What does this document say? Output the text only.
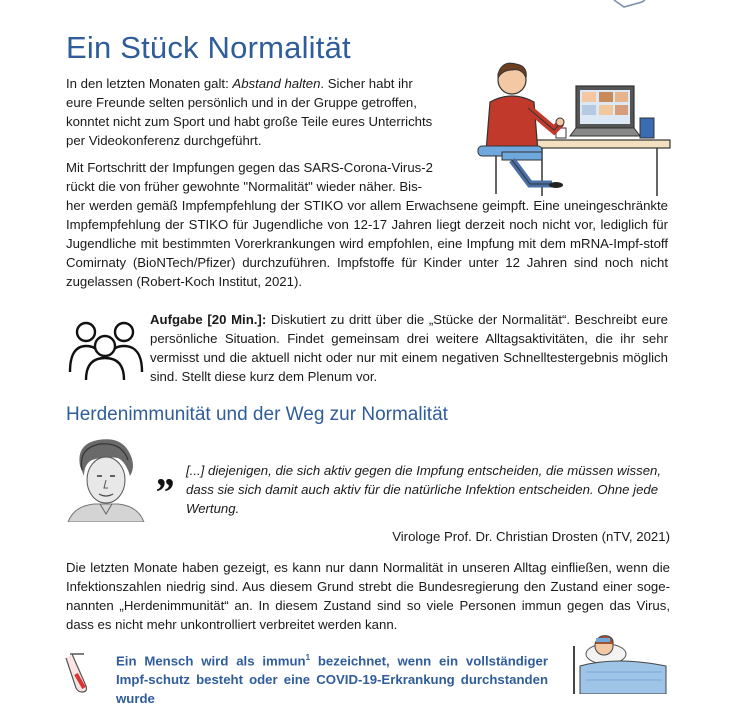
Ein Stück Normalität
In den letzten Monaten galt: Abstand halten. Sicher habt ihr eure Freunde selten persönlich und in der Gruppe getroffen, konntet nicht zum Sport und habt große Teile eures Unterrichts per Videokonferenz durchgeführt.
Mit Fortschritt der Impfungen gegen das SARS-Corona-Virus-2
rückt die von früher gewohnte "Normalität" wieder näher. Bis-
her werden gemäß Impfempfehlung der STIKO vor allem Erwachsene geimpft. Eine uneingeschränkte Impfempfehlung der STIKO für Jugendliche von 12-17 Jahren liegt derzeit noch nicht vor, lediglich für Jugendliche mit bestimmten Vorerkrankungen wird empfohlen, eine Impfung mit dem mRNA-Impf-stoff Comirnaty (BioNTech/Pfizer) durchzuführen. Impfstoffe für Kinder unter 12 Jahren sind noch nicht zugelassen (Robert-Koch Institut, 2021).
Aufgabe [20 Min.]: Diskutiert zu dritt über die „Stücke der Normalität“. Beschreibt eure persönliche Situation. Findet gemeinsam drei weitere Alltagsaktivitäten, die ihr sehr vermisst und die aktuell nicht oder nur mit einem negativen Schnelltestergebnis möglich sind. Stellt diese kurz dem Plenum vor.
Herdenimmunität und der Weg zur Normalität
„ [...] diejenigen, die sich aktiv gegen die Impfung entscheiden, die müssen wissen, dass sie sich damit auch aktiv für die natürliche Infektion entscheiden. Ohne jede Wertung.
Virologe Prof. Dr. Christian Drosten (nTV, 2021)
Die letzten Monate haben gezeigt, es kann nur dann Normalität in unseren Alltag einfließen, wenn die Infektionszahlen niedrig sind. Aus diesem Grund strebt die Bundesregierung den Zustand einer soge-nannten „Herdenimmunität“ an. In diesem Zustand sind so viele Personen immun gegen das Virus, dass es nicht mehr unkontrolliert verbreitet werden kann.
Ein Mensch wird als immun$^1$ bezeichnet, wenn ein vollständiger Impf-schutz besteht oder eine COVID-19-Erkrankung durchstanden wurde
